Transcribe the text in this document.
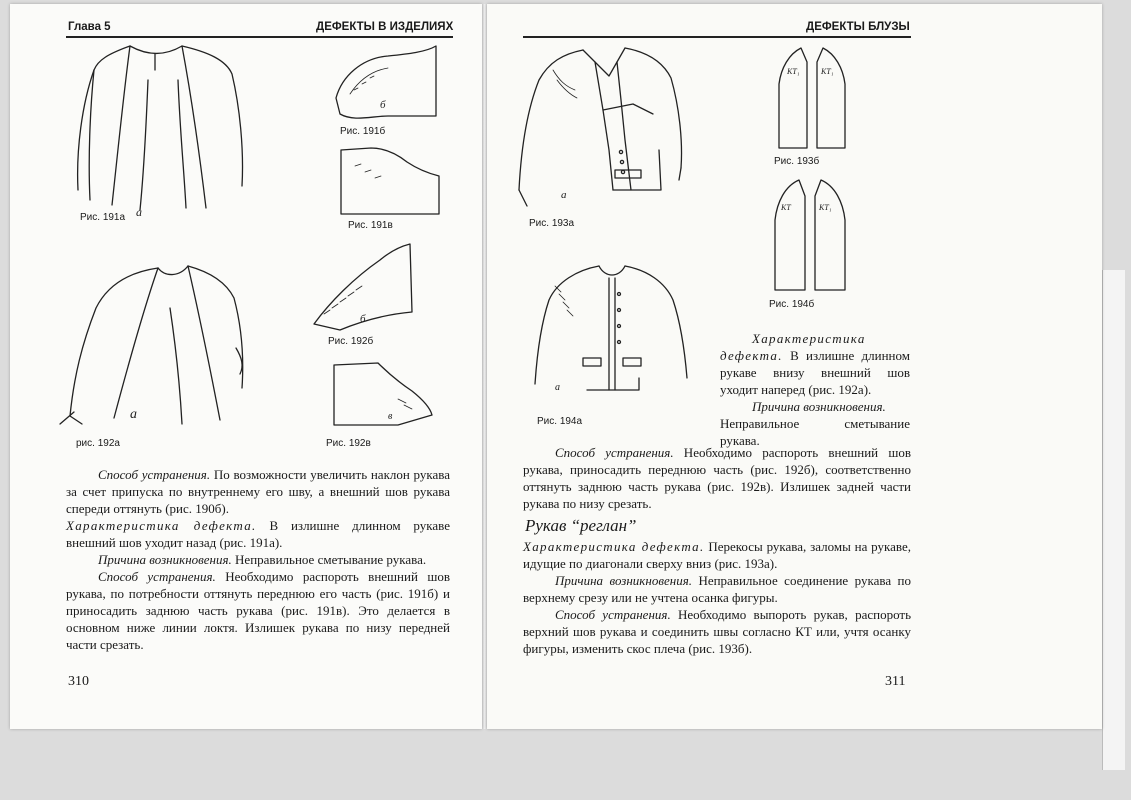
Глава 5	ДЕФЕКТЫ В ИЗДЕЛИЯХ
а
Рис. 191а
б
Рис. 191б
Рис. 191в
а
рис. 192а
б
Рис. 192б
в
Рис. 192в

Способ устранения. По возможности увеличить наклон рукава за счет припуска по внутреннему его шву, а внешний шов рукава спереди оттянуть (рис. 190б).

Характеристика дефекта. В излишне длинном рукаве внешний шов уходит назад (рис. 191а).

Причина возникновения. Неправильное сметывание рукава.

Способ устранения. Необходимо распороть внешний шов рукава, по потребности оттянуть переднюю его часть (рис. 191б) и приносадить заднюю часть рукава (рис. 191в). Это делается в основном ниже линии локтя. Излишек рукава по низу передней части срезать.

310
ДЕФЕКТЫ БЛУЗЫ
а
Рис. 193а
КТ₁	КТ₁
Рис. 193б
а
Рис. 194а
КТ	КТ₁
Рис. 194б

Характеристика дефекта. В излишне длинном рукаве внизу внешний шов уходит наперед (рис. 192а).

Причина возникновения.

Неправильное сметывание рукава.

Способ устранения. Необходимо распороть внешний шов рукава, приносадить переднюю часть (рис. 192б), соответственно оттянуть заднюю часть рукава (рис. 192в). Излишек задней части рукава по низу срезать.

Рукав “реглан”

Характеристика дефекта. Перекосы рукава, заломы на рукаве, идущие по диагонали сверху вниз (рис. 193а).

Причина возникновения. Неправильное соединение рукава по верхнему срезу или не учтена осанка фигуры.

Способ устранения. Необходимо выпороть рукав, распороть верхний шов рукава и соединить швы согласно КТ или, учтя осанку фигуры, изменить скос плеча (рис. 193б).

311
